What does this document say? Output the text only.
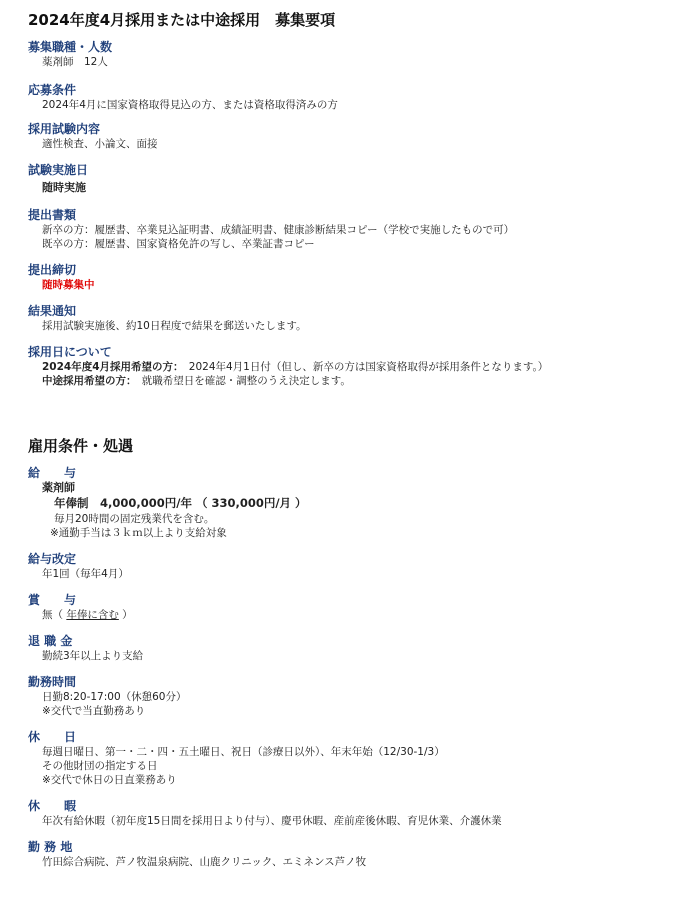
2024年度4月採用または中途採用　募集要項
募集職種・人数
薬剤師　12人
応募条件
2024年4月に国家資格取得見込の方、または資格取得済みの方
採用試験内容
適性検査、小論文、面接
試験実施日
随時実施
提出書類
新卒の方：履歴書、卒業見込証明書、成績証明書、健康診断結果コピー（学校で実施したもので可）
既卒の方：履歴書、国家資格免許の写し、卒業証書コピー
提出締切
随時募集中
結果通知
採用試験実施後、約10日程度で結果を郵送いたします。
採用日について
2024年度4月採用希望の方：　2024年4月1日付（但し、新卒の方は国家資格取得が採用条件となります。）
中途採用希望の方：　就職希望日を確認・調整のうえ決定します。
雇用条件・処遇
給　　与
薬剤師
年俸制　4,000,000円/年 （ 330,000円/月 ）
毎月20時間の固定残業代を含む。
※通勤手当は３ｋｍ以上より支給対象
給与改定
年1回（毎年4月）
賞　　与
無（ 年俸に含む ）
退 職 金
勤続3年以上より支給
勤務時間
日勤8:20-17:00（休憩60分）
※交代で当直勤務あり
休　　日
毎週日曜日、第一・二・四・五土曜日、祝日（診療日以外）、年末年始（12/30-1/3）
その他財団の指定する日
※交代で休日の日直業務あり
休　　暇
年次有給休暇（初年度15日間を採用日より付与）、慶弔休暇、産前産後休暇、育児休業、介護休業
勤 務 地
竹田綜合病院、芦ノ牧温泉病院、山鹿クリニック、エミネンス芦ノ牧
